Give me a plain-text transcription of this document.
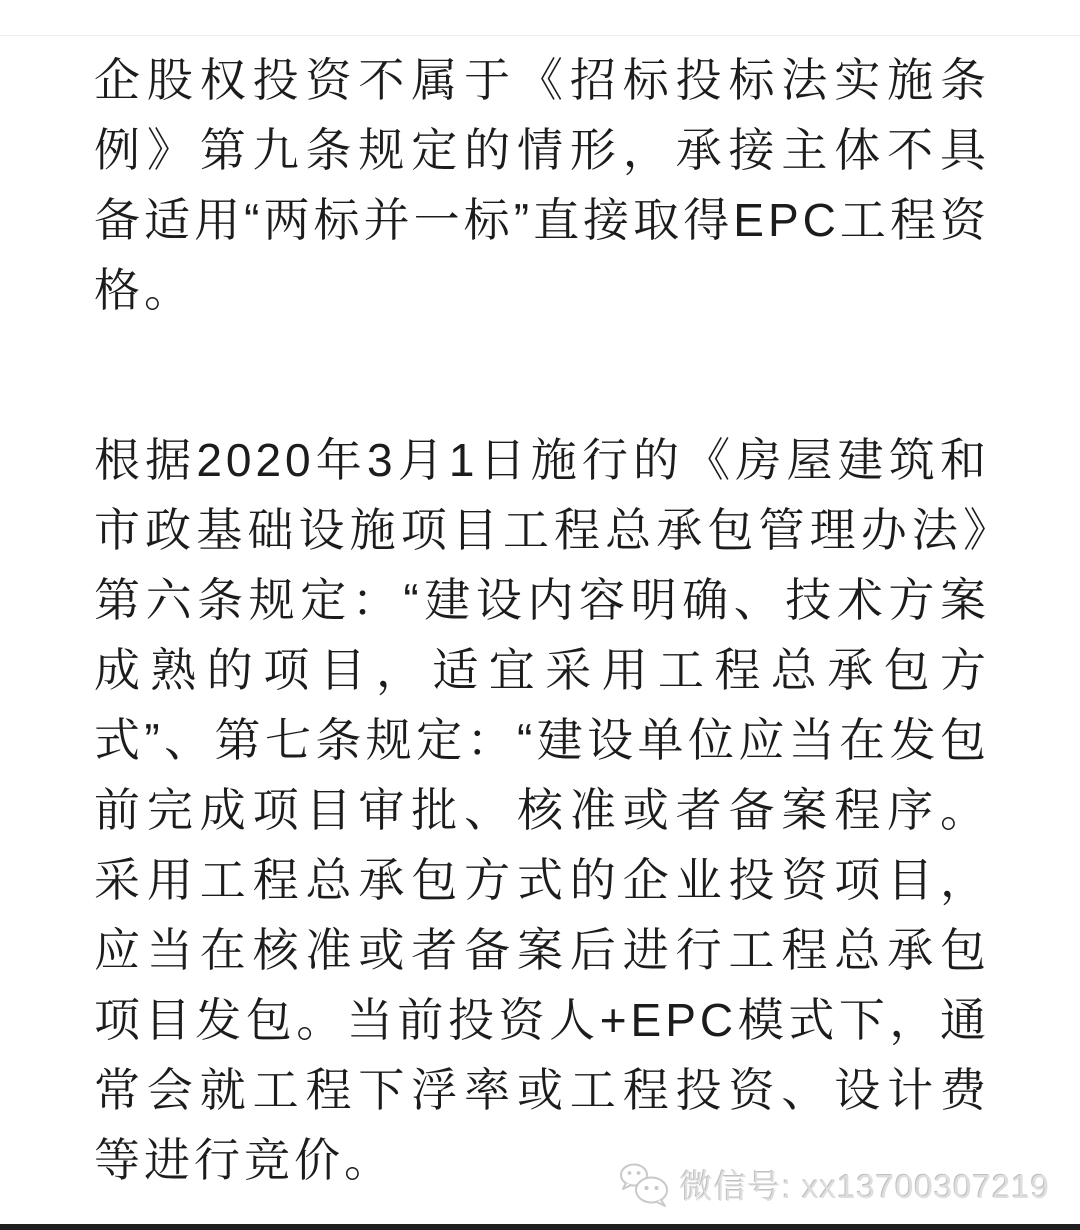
企股权投资不属于《招标投标法实施条例》第九条规定的情形，承接主体不具备适用“两标并一标”直接取得EPC工程资格。

根据2020年3月1日施行的《房屋建筑和市政基础设施项目工程总承包管理办法》第六条规定：“建设内容明确、技术方案成熟的项目，适宜采用工程总承包方式”、第七条规定：“建设单位应当在发包前完成项目审批、核准或者备案程序。采用工程总承包方式的企业投资项目，应当在核准或者备案后进行工程总承包项目发包。当前投资人+EPC模式下，通常会就工程下浮率或工程投资、设计费等进行竞价。

微信号: xx13700307219
